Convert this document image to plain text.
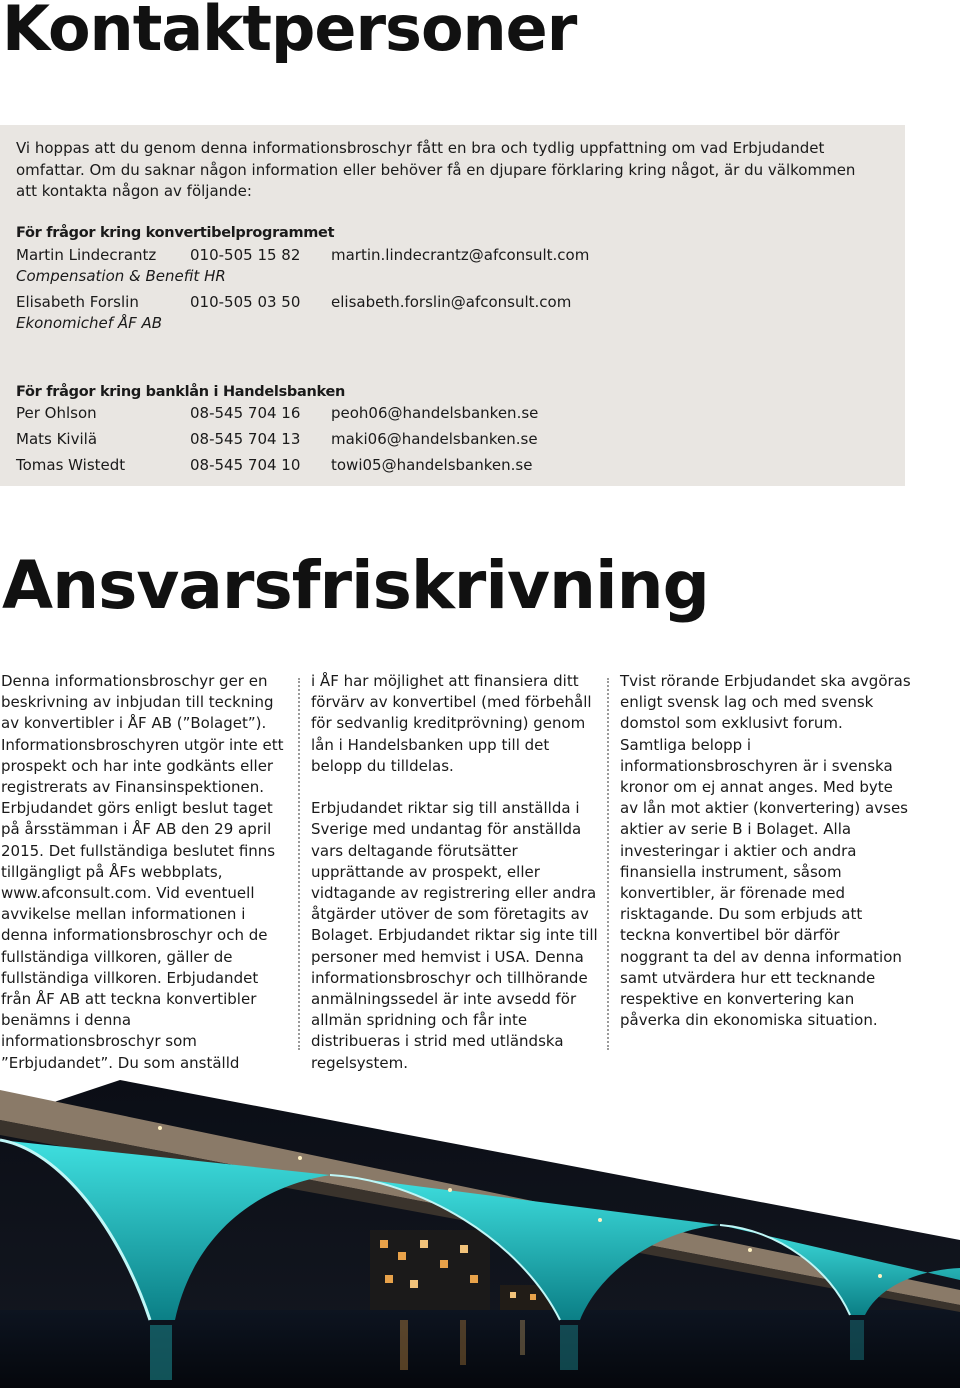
Kontaktpersoner

Vi hoppas att du genom denna informationsbroschyr fått en bra och tydlig uppfattning om vad Erbjudandet omfattar. Om du saknar någon information eller behöver få en djupare förklaring kring något, är du välkommen att kontakta någon av följande:

För frågor kring konvertibelprogrammet
Martin Lindecrantz 010-505 15 82 martin.lindecrantz@afconsult.com
Compensation & Benefit HR
Elisabeth Forslin	010-505 03 50 elisabeth.forslin@afconsult.com
Ekonomichef ÅF AB
För frågor kring banklån i Handelsbanken
Per Ohlson	08-545 704 16 peoh06@handelsbanken.se
Mats Kivilä	08-545 704 13 maki06@handelsbanken.se
Tomas Wistedt	08-545 704 10 towi05@handelsbanken.se
Ansvarsfriskrivning

Denna informationsbroschyr ger en beskrivning av inbjudan till teckning av konvertibler i ÅF AB (”Bolaget”). Informationsbroschyren utgör inte ett prospekt och har inte godkänts eller registrerats av Finansinspektionen. Erbjudandet görs enligt beslut taget på årsstämman i ÅF AB den 29 april 2015. Det fullständiga beslutet finns tillgängligt på ÅFs webbplats, www.afconsult.com. Vid eventuell avvikelse mellan informationen i denna informationsbroschyr och de fullständiga villkoren, gäller de fullständiga villkoren. Erbjudandet från ÅF AB att teckna konvertibler benämns i denna informationsbroschyr som ”Erbjudandet”. Du som anställd

i ÅF har möjlighet att finansiera ditt förvärv av konvertibel (med förbehåll för sedvanlig kreditprövning) genom lån i Handelsbanken upp till det belopp du tilldelas.

Erbjudandet riktar sig till anställda i Sverige med undantag för anställda vars deltagande förutsätter upprättande av prospekt, eller vidtagande av registrering eller andra åtgärder utöver de som företagits av Bolaget. Erbjudandet riktar sig inte till personer med hemvist i USA. Denna informationsbroschyr och tillhörande anmälningssedel är inte avsedd för allmän spridning och får inte distribueras i strid med utländska regelsystem.

Tvist rörande Erbjudandet ska avgöras enligt svensk lag och med svensk domstol som exklusivt forum. Samtliga belopp i informationsbroschyren är i svenska kronor om ej annat anges. Med byte av lån mot aktier (konvertering) avses aktier av serie B i Bolaget. Alla investeringar i aktier och andra finansiella instrument, såsom konvertibler, är förenade med risktagande. Du som erbjuds att teckna konvertibel bör därför noggrant ta del av denna information samt utvärdera hur ett tecknande respektive en konvertering kan påverka din ekonomiska situation.
